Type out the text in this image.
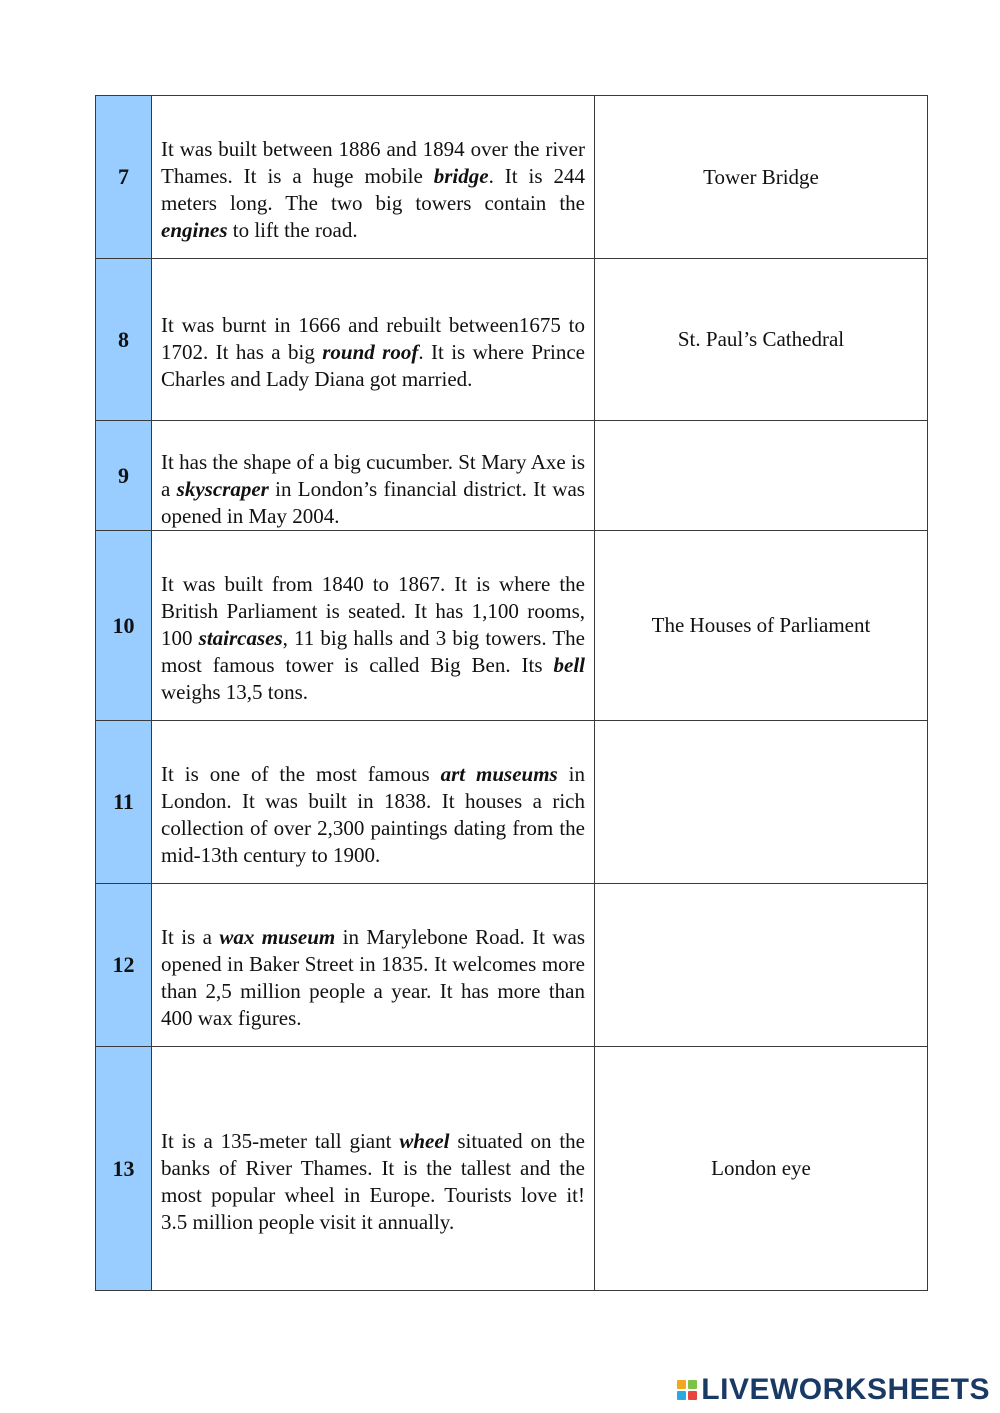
7	It was built between 1886 and 1894 over the river Thames. It is a huge mobile bridge. It is 244 meters long. The two big towers contain the engines to lift the road.
	Tower Bridge
8	It was burnt in 1666 and rebuilt between1675 to 1702. It has a big round roof. It is where Prince Charles and Lady Diana got married.
	St. Paul’s Cathedral
9	It has the shape of a big cucumber. St Mary Axe is a skyscraper in London’s financial district. It was opened in May 2004.

10	It was built from 1840 to 1867. It is where the British Parliament is seated. It has 1,100 rooms, 100 staircases, 11 big halls and 3 big towers. The most famous tower is called Big Ben. Its bell weighs 13,5 tons.
	The Houses of Parliament
11	It is one of the most famous art museums in London. It was built in 1838. It houses a rich collection of over 2,300 paintings dating from the mid-13th century to 1900.

12	It is a wax museum in Marylebone Road. It was opened in Baker Street in 1835. It welcomes more than 2,5 million people a year. It has more than 400 wax figures.

13	It is a 135-meter tall giant wheel situated on the banks of River Thames. It is the tallest and the most popular wheel in Europe. Tourists love it! 3.5 million people visit it annually.
	London eye
LIVEWORKSHEETS
